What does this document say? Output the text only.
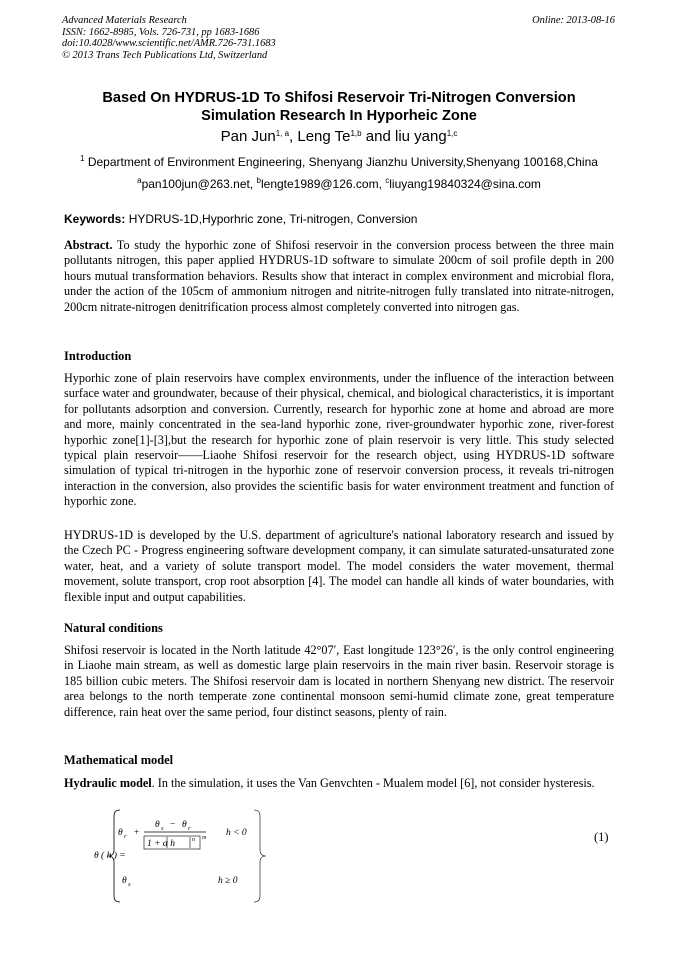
Advanced Materials Research
ISSN: 1662-8985, Vols. 726-731, pp 1683-1686
doi:10.4028/www.scientific.net/AMR.726-731.1683
© 2013 Trans Tech Publications Ltd, Switzerland
Online: 2013-08-16
Based On HYDRUS-1D To Shifosi Reservoir Tri-Nitrogen Conversion
Simulation Research In Hyporheic Zone
Pan Jun$^{1, a}$, Leng Te$^{1,b}$ and liu yang$^{1,c}$
$^1$ Department of Environment Engineering, Shenyang Jianzhu University,Shenyang 100168,China
$^a$pan100jun@263.net, $^b$lengte1989@126.com, $^c$liuyang19840324@sina.com
Keywords: HYDRUS-1D,Hyporhric zone, Tri-nitrogen, Conversion
Abstract. To study the hyporhic zone of Shifosi reservoir in the conversion process between the three main pollutants nitrogen, this paper applied HYDRUS-1D software to simulate 200cm of soil profile depth in 200 hours mutual transformation behaviors. Results show that interact in complex environment and microbial flora, under the action of the 105cm of ammonium nitrogen and nitrite-nitrogen fully translated into nitrate-nitrogen, 200cm nitrate-nitrogen denitrification process almost completely converted into nitrogen gas.
Introduction
Hyporhic zone of plain reservoirs have complex environments, under the influence of the interaction between surface water and groundwater, because of their physical, chemical, and biological characteristics, it is important for pollutants adsorption and conversion. Currently, research for hyporhic zone at home and abroad are more and more, mainly concentrated in the sea-land hyporhic zone, river-groundwater hyporhic zone, river-forest hyporhic zone[1]-[3],but the research for hyporhic zone of plain reservoir is very little. This study selected typical plain reservoir——Liaohe Shifosi reservoir for the research object, using HYDRUS-1D software simulation of typical tri-nitrogen in the hyporhic zone of reservoir conversion process, it reveals tri-nitrogen interaction in the conversion, also provides the scientific basis for water environment treatment and function of hyporhic zone.
HYDRUS-1D is developed by the U.S. department of agriculture's national laboratory research and issued by the Czech PC - Progress engineering software development company, it can simulate saturated-unsaturated zone water, heat, and a variety of solute transport model. The model considers the water movement, thermal movement, solute transport, crop root absorption [4]. The model can handle all kinds of water boundaries, with flexible input and output capabilities.
Natural conditions
Shifosi reservoir is located in the North latitude 42°07′, East longitude 123°26′, is the only control engineering in Liaohe main stream, as well as domestic large plain reservoirs in the main river basin. Reservoir storage is 185 billion cubic meters. The Shifosi reservoir dam is located in northern Shenyang new district. The reservoir area belongs to the north temperate zone continental monsoon semi-humid climate zone, great temperature difference, rain heat over the same period, four distinct seasons, plenty of rain.
Mathematical model
Hydraulic model. In the simulation, it uses the Van Genvchten - Mualem model [6], not consider hysteresis.
θ ( h ) =
θ r +
θ s − θ r
1 + α h	n m h < 0
θ s	h ≥ 0
(1)
